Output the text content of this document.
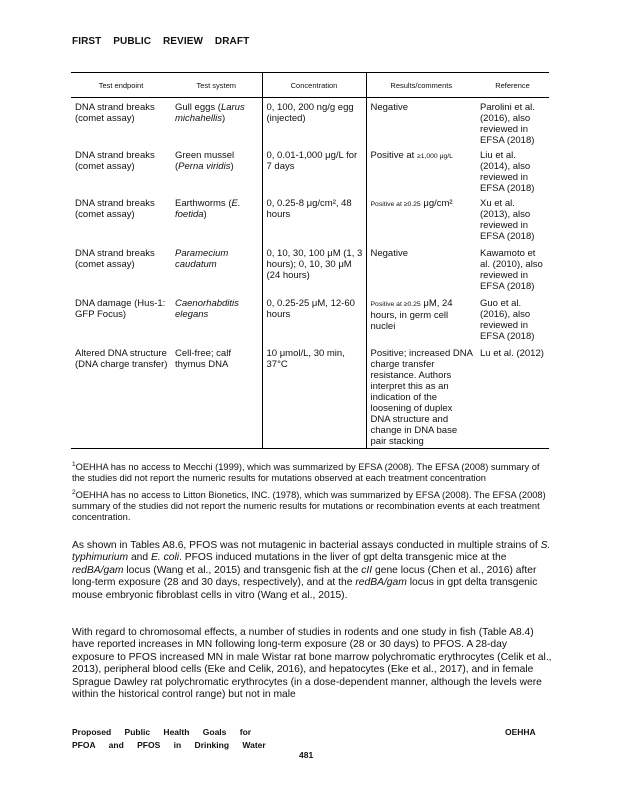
FIRST PUBLIC REVIEW DRAFT
Test endpoint	Test system	Concentration	Results/comments	Reference
DNA strand breaks (comet assay)	Gull eggs (Larus michahellis)	0, 100, 200 ng/g egg (injected)	Negative	Parolini et al. (2016), also reviewed in EFSA (2018)
DNA strand breaks (comet assay)	Green mussel (Perna viridis)	0, 0.01-1,000 μg/L for 7 days	Positive at ≥1,000 μg/L	Liu et al. (2014), also reviewed in EFSA (2018)
DNA strand breaks (comet assay)	Earthworms (E. foetida)	0, 0.25-8 μg/cm², 48 hours	Positive at ≥0.25 μg/cm²	Xu et al. (2013), also reviewed in EFSA (2018)
DNA strand breaks (comet assay)	Paramecium caudatum	0, 10, 30, 100 μM (1, 3 hours); 0, 10, 30 μM (24 hours)	Negative	Kawamoto et al. (2010), also reviewed in EFSA (2018)
DNA damage (Hus-1: GFP Focus)	Caenorhabditis elegans	0, 0.25-25 μM, 12-60 hours	Positive at ≥0.25 μM, 24 hours, in germ cell nuclei	Guo et al. (2016), also reviewed in EFSA (2018)
Altered DNA structure (DNA charge transfer)	Cell-free; calf thymus DNA	10 μmol/L, 30 min, 37°C	Positive; increased DNA charge transfer resistance. Authors interpret this as an indication of the loosening of duplex DNA structure and change in DNA base pair stacking	Lu et al. (2012)
$^1$OEHHA has no access to Mecchi (1999), which was summarized by EFSA (2008). The EFSA (2008) summary of the studies did not report the numeric results for mutations observed at each treatment concentration
$^2$OEHHA has no access to Litton Bionetics, INC. (1978), which was summarized by EFSA (2008). The EFSA (2008) summary of the studies did not report the numeric results for mutations or recombination events at each treatment concentration.
As shown in Tables A8.6, PFOS was not mutagenic in bacterial assays conducted in multiple strains of S. typhimurium and E. coli. PFOS induced mutations in the liver of gpt delta transgenic mice at the redBA/gam locus (Wang et al., 2015) and transgenic fish at the cII gene locus (Chen et al., 2016) after long-term exposure (28 and 30 days, respectively), and at the redBA/gam locus in gpt delta transgenic mouse embryonic fibroblast cells in vitro (Wang et al., 2015).
With regard to chromosomal effects, a number of studies in rodents and one study in fish (Table A8.4) have reported increases in MN following long-term exposure (28 or 30 days) to PFOS. A 28-day exposure to PFOS increased MN in male Wistar rat bone marrow polychromatic erythrocytes (Celik et al., 2013), peripheral blood cells (Eke and Celik, 2016), and hepatocytes (Eke et al., 2017), and in female Sprague Dawley rat polychromatic erythrocytes (in a dose-dependent manner, although the levels were within the historical control range) but not in male
Proposed Public Health Goals for
PFOA and PFOS in Drinking Water
OEHHA
481
